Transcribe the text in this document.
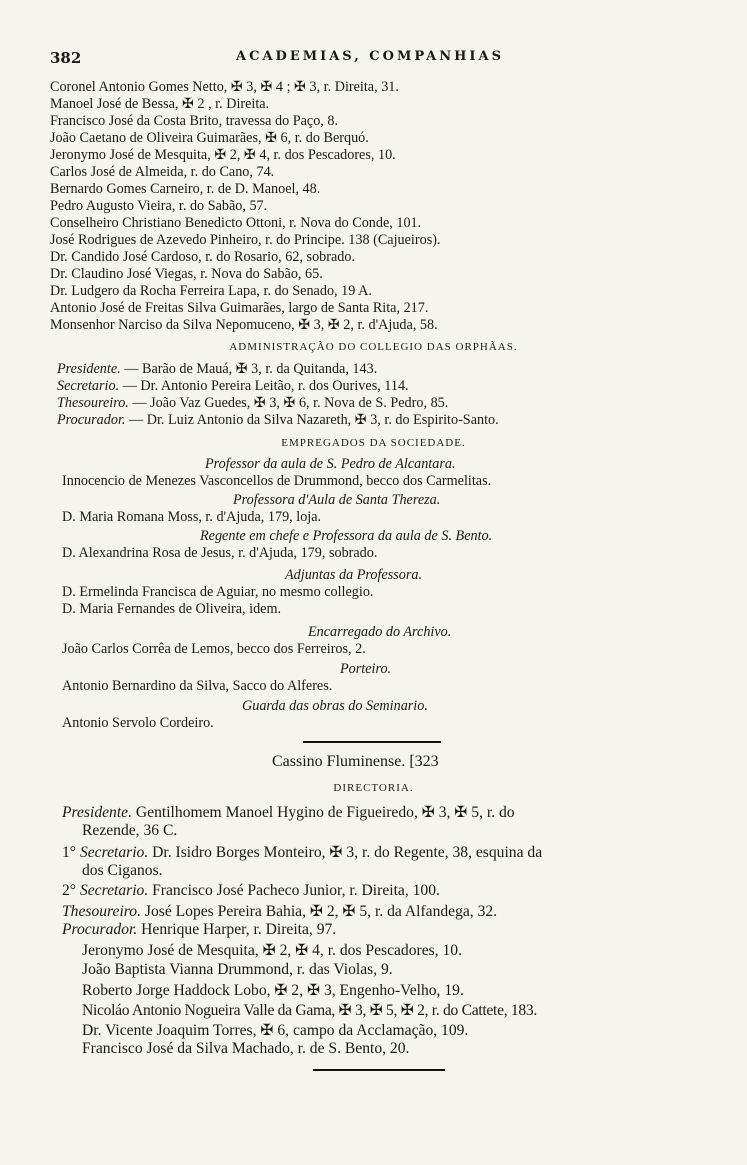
382	ACADEMIAS, COMPANHIAS
Coronel Antonio Gomes Netto, ✠ 3, ✠ 4 ; ✠ 3, r. Direita, 31.
Manoel José de Bessa, ✠ 2 , r. Direita.
Francisco José da Costa Brito, travessa do Paço, 8.
João Caetano de Oliveira Guimarães, ✠ 6, r. do Berquó.
Jeronymo José de Mesquita, ✠ 2, ✠ 4, r. dos Pescadores, 10.
Carlos José de Almeida, r. do Cano, 74.
Bernardo Gomes Carneiro, r. de D. Manoel, 48.
Pedro Augusto Vieira, r. do Sabão, 57.
Conselheiro Christiano Benedicto Ottoni, r. Nova do Conde, 101.
José Rodrigues de Azevedo Pinheiro, r. do Principe. 138 (Cajueiros).
Dr. Candido José Cardoso, r. do Rosario, 62, sobrado.
Dr. Claudino José Viegas, r. Nova do Sabão, 65.
Dr. Ludgero da Rocha Ferreira Lapa, r. do Senado, 19 A.
Antonio José de Freitas Silva Guimarães, largo de Santa Rita, 217.
Monsenhor Narciso da Silva Nepomuceno, ✠ 3, ✠ 2, r. d'Ajuda, 58.
ADMINISTRAÇÃO DO COLLEGIO DAS ORPHÃAS.
Presidente. — Barão de Mauá, ✠ 3, r. da Quitanda, 143.
Secretario. — Dr. Antonio Pereira Leitão, r. dos Ourives, 114.
Thesoureiro. — João Vaz Guedes, ✠ 3, ✠ 6, r. Nova de S. Pedro, 85.
Procurador. — Dr. Luiz Antonio da Silva Nazareth, ✠ 3, r. do Espirito-Santo.
EMPREGADOS DA SOCIEDADE.
Professor da aula de S. Pedro de Alcantara.
Innocencio de Menezes Vasconcellos de Drummond, becco dos Carmelitas.
Professora d'Aula de Santa Thereza.
D. Maria Romana Moss, r. d'Ajuda, 179, loja.
Regente em chefe e Professora da aula de S. Bento.
D. Alexandrina Rosa de Jesus, r. d'Ajuda, 179, sobrado.
Adjuntas da Professora.
D. Ermelinda Francisca de Aguiar, no mesmo collegio.
D. Maria Fernandes de Oliveira, idem.
Encarregado do Archivo.
João Carlos Corrêa de Lemos, becco dos Ferreiros, 2.
Porteiro.
Antonio Bernardino da Silva, Sacco do Alferes.
Guarda das obras do Seminario.
Antonio Servolo Cordeiro.
Cassino Fluminense. [323
DIRECTORIA.
Presidente. Gentilhomem Manoel Hygino de Figueiredo, ✠ 3, ✠ 5, r. do
Rezende, 36 C.
1° Secretario. Dr. Isidro Borges Monteiro, ✠ 3, r. do Regente, 38, esquina da
dos Ciganos.
2° Secretario. Francisco José Pacheco Junior, r. Direita, 100.
Thesoureiro. José Lopes Pereira Bahia, ✠ 2, ✠ 5, r. da Alfandega, 32.
Procurador. Henrique Harper, r. Direita, 97.
Jeronymo José de Mesquita, ✠ 2, ✠ 4, r. dos Pescadores, 10.
João Baptista Vianna Drummond, r. das Violas, 9.
Roberto Jorge Haddock Lobo, ✠ 2, ✠ 3, Engenho-Velho, 19.
Nicoláo Antonio Nogueira Valle da Gama, ✠ 3, ✠ 5, ✠ 2, r. do Cattete, 183.
Dr. Vicente Joaquim Torres, ✠ 6, campo da Acclamação, 109.
Francisco José da Silva Machado, r. de S. Bento, 20.
